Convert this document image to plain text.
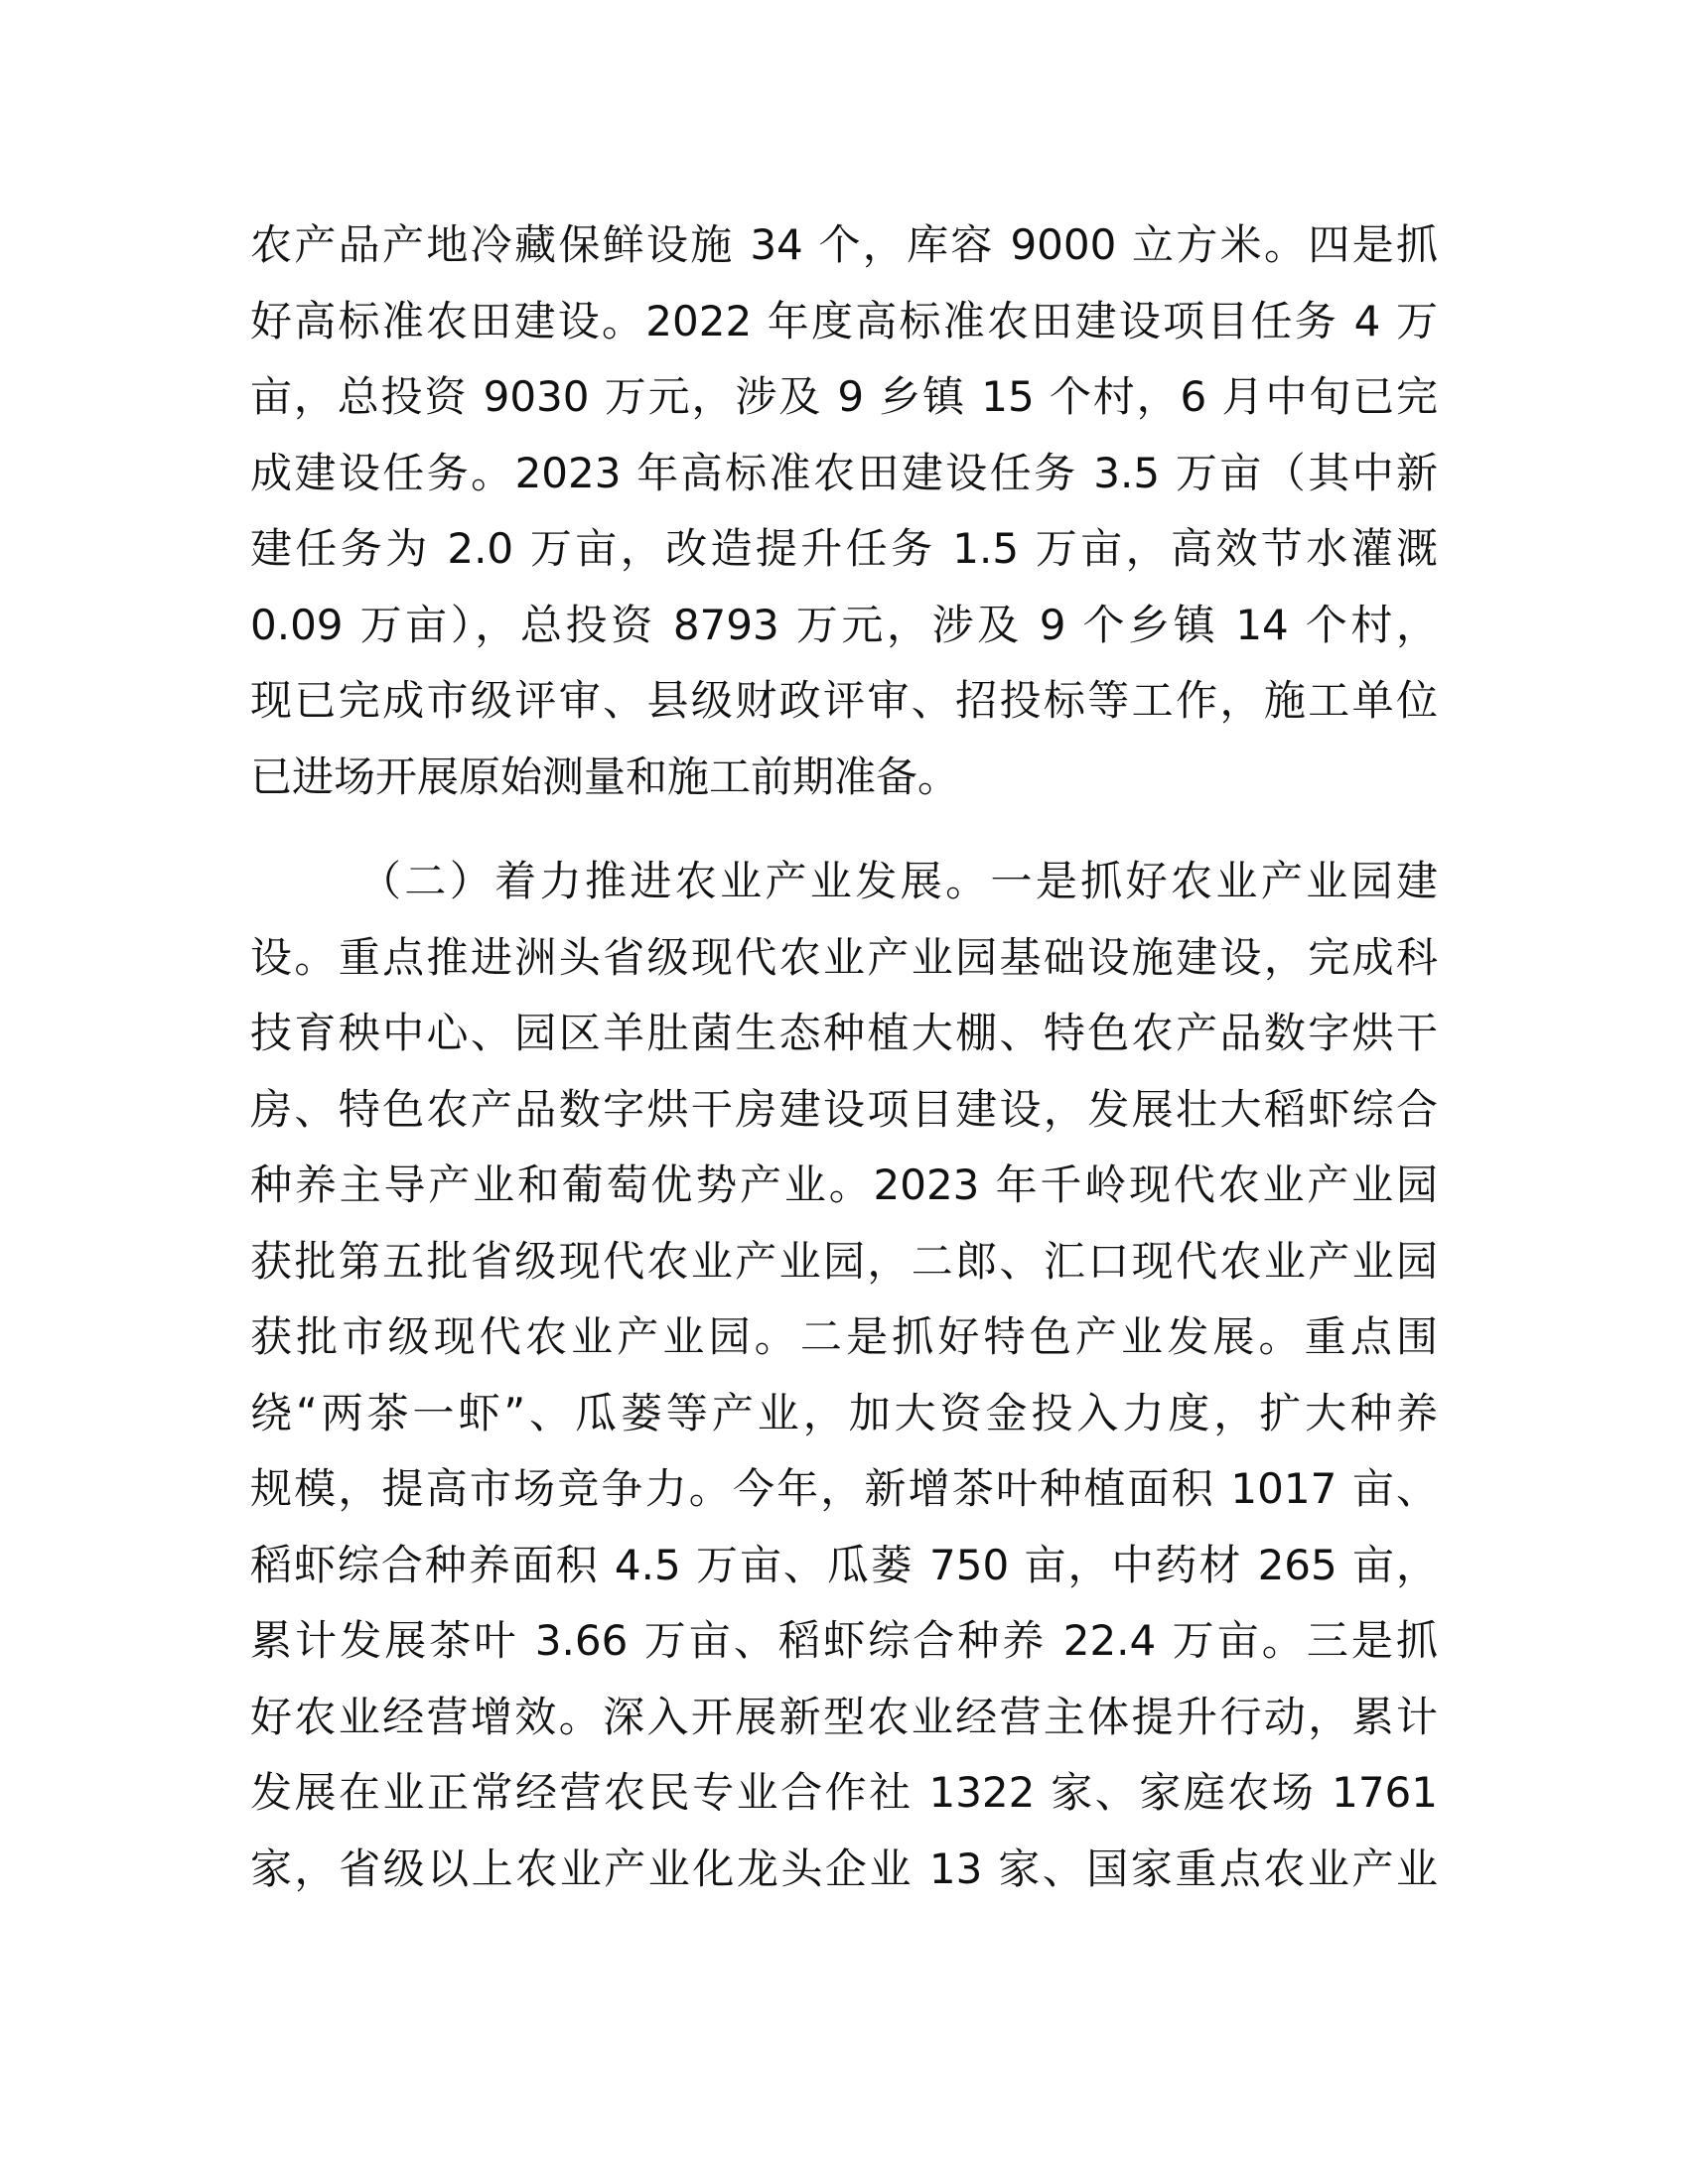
农产品产地冷藏保鲜设施 34 个，库容 9000 立方米。四是抓
好高标准农田建设。2022 年度高标准农田建设项目任务 4 万
亩，总投资 9030 万元，涉及 9 乡镇 15 个村，6 月中旬已完
成建设任务。2023 年高标准农田建设任务 3.5 万亩（其中新
建任务为 2.0 万亩，改造提升任务 1.5 万亩，高效节水灌溉
0.09 万亩），总投资 8793 万元，涉及 9 个乡镇 14 个村，
现已完成市级评审、县级财政评审、招投标等工作，施工单位
已进场开展原始测量和施工前期准备。
（二）着力推进农业产业发展。一是抓好农业产业园建
设。重点推进洲头省级现代农业产业园基础设施建设，完成科
技育秧中心、园区羊肚菌生态种植大棚、特色农产品数字烘干
房、特色农产品数字烘干房建设项目建设，发展壮大稻虾综合
种养主导产业和葡萄优势产业。2023 年千岭现代农业产业园
获批第五批省级现代农业产业园，二郎、汇口现代农业产业园
获批市级现代农业产业园。二是抓好特色产业发展。重点围
绕“两茶一虾”、瓜蒌等产业，加大资金投入力度，扩大种养
规模，提高市场竞争力。今年，新增茶叶种植面积 1017 亩、
稻虾综合种养面积 4.5 万亩、瓜蒌 750 亩，中药材 265 亩，
累计发展茶叶 3.66 万亩、稻虾综合种养 22.4 万亩。三是抓
好农业经营增效。深入开展新型农业经营主体提升行动，累计
发展在业正常经营农民专业合作社 1322 家、家庭农场 1761
家，省级以上农业产业化龙头企业 13 家、国家重点农业产业
